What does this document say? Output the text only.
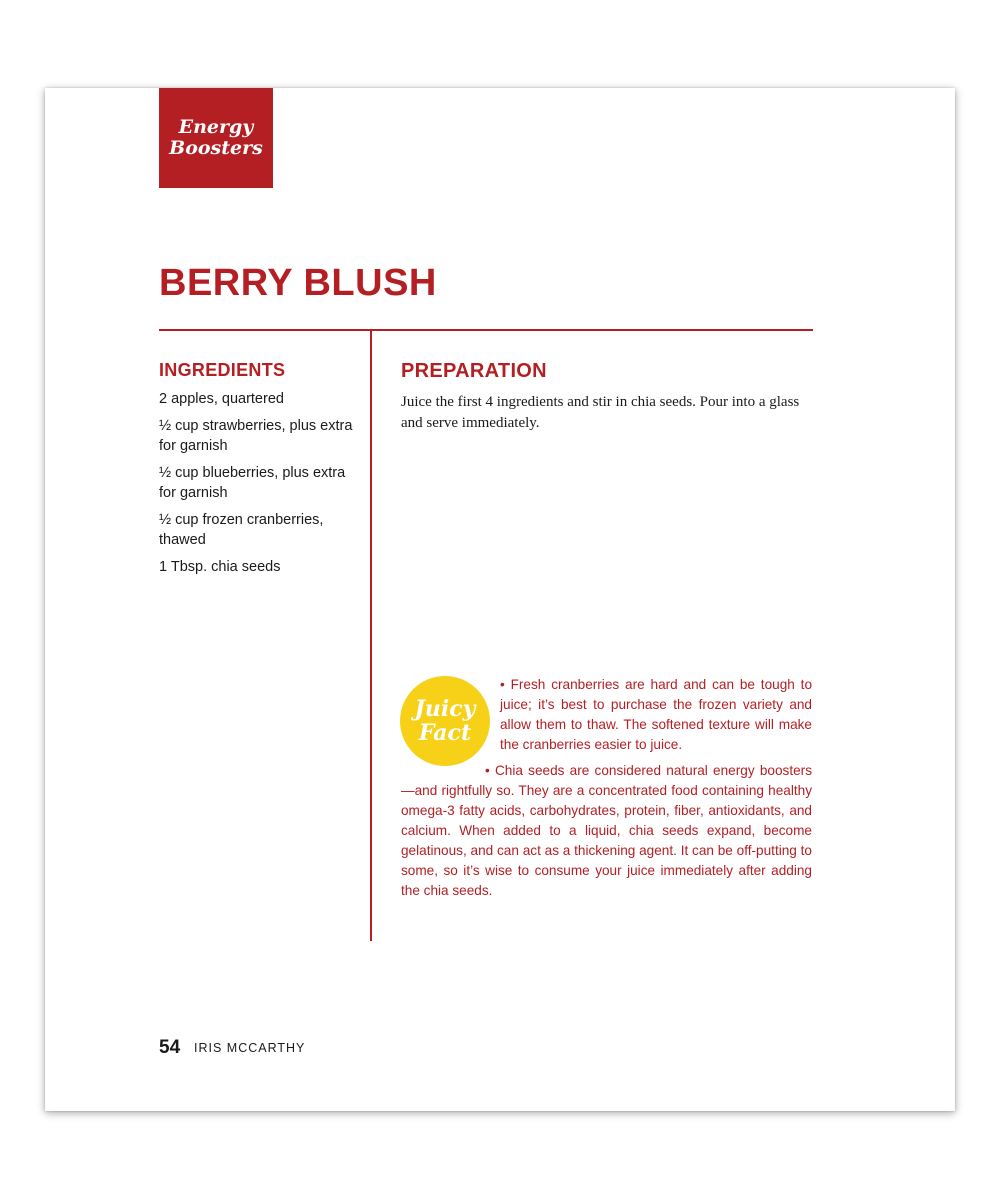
Energy
Boosters
BERRY BLUSH
INGREDIENTS
2 apples, quartered
½ cup strawberries, plus extra for garnish
½ cup blueberries, plus extra for garnish
½ cup frozen cranberries, thawed
1 Tbsp. chia seeds
PREPARATION

Juice the first 4 ingredients and stir in chia seeds. Pour into a glass and serve immediately.

Juicy
Fact

• Fresh cranberries are hard and can be tough to juice; it’s best to purchase the frozen variety and allow them to thaw. The softened texture will make the cranberries easier to juice.

• Chia seeds are considered natural energy boosters—and rightfully so. They are a concentrated food containing healthy omega-3 fatty acids, carbohydrates, protein, fiber, antioxidants, and calcium. When added to a liquid, chia seeds expand, become gelatinous, and can act as a thickening agent. It can be off-putting to some, so it’s wise to consume your juice immediately after adding the chia seeds.
54 IRIS MCCARTHY
